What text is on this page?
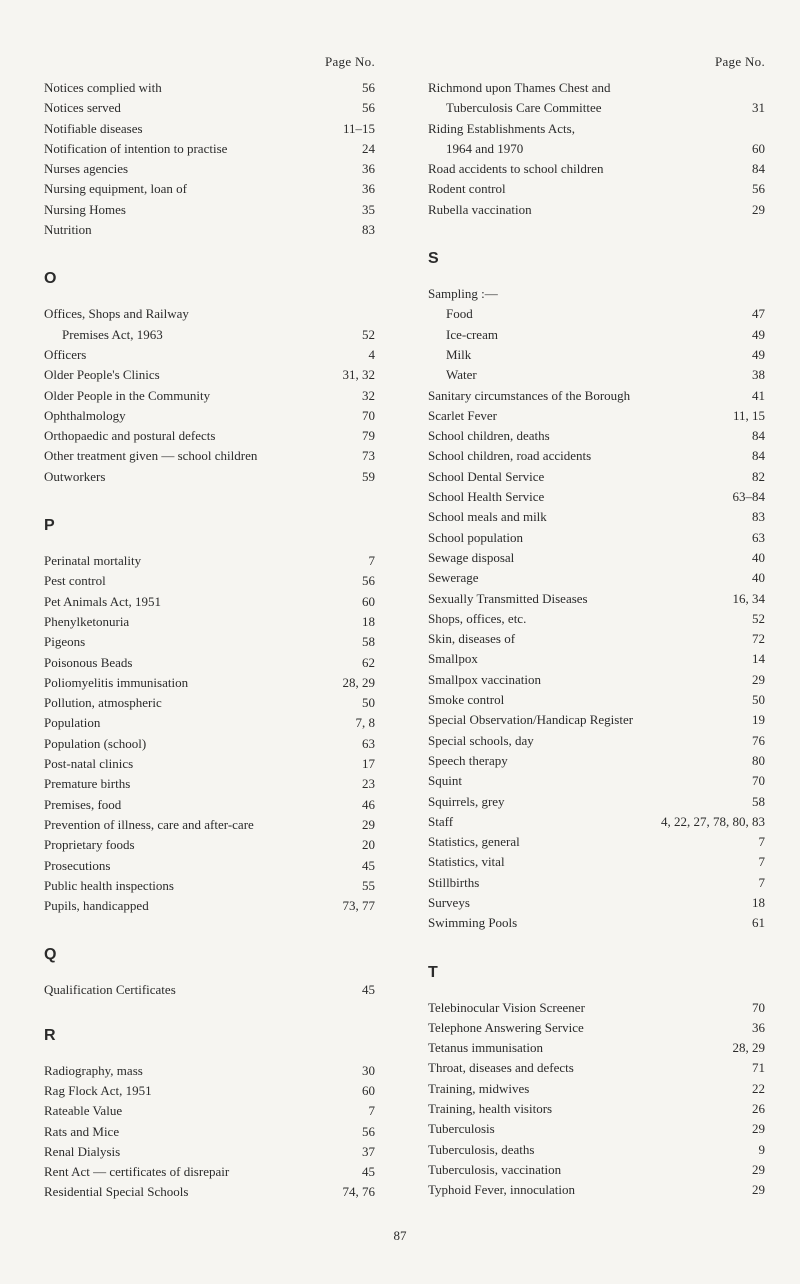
Page No.
Notices complied with	56
Notices served	56
Notifiable diseases	11–15
Notification of intention to practise	24
Nurses agencies	36
Nursing equipment, loan of	36
Nursing Homes	35
Nutrition	83
O
Offices, Shops and Railway
Premises Act, 1963	52
Officers	4
Older People's Clinics	31, 32
Older People in the Community	32
Ophthalmology	70
Orthopaedic and postural defects	79
Other treatment given — school children	73
Outworkers	59
P
Perinatal mortality	7
Pest control	56
Pet Animals Act, 1951	60
Phenylketonuria	18
Pigeons	58
Poisonous Beads	62
Poliomyelitis immunisation	28, 29
Pollution, atmospheric	50
Population	7, 8
Population (school)	63
Post-natal clinics	17
Premature births	23
Premises, food	46
Prevention of illness, care and after-care	29
Proprietary foods	20
Prosecutions	45
Public health inspections	55
Pupils, handicapped	73, 77
Q
Qualification Certificates	45
R
Radiography, mass	30
Rag Flock Act, 1951	60
Rateable Value	7
Rats and Mice	56
Renal Dialysis	37
Rent Act — certificates of disrepair	45
Residential Special Schools	74, 76
Page No.
Richmond upon Thames Chest and
Tuberculosis Care Committee	31
Riding Establishments Acts,
1964 and 1970	60
Road accidents to school children	84
Rodent control	56
Rubella vaccination	29
S
Sampling :—
Food	47
Ice-cream	49
Milk	49
Water	38
Sanitary circumstances of the Borough	41
Scarlet Fever	11, 15
School children, deaths	84
School children, road accidents	84
School Dental Service	82
School Health Service	63–84
School meals and milk	83
School population	63
Sewage disposal	40
Sewerage	40
Sexually Transmitted Diseases	16, 34
Shops, offices, etc.	52
Skin, diseases of	72
Smallpox	14
Smallpox vaccination	29
Smoke control	50
Special Observation/Handicap Register	19
Special schools, day	76
Speech therapy	80
Squint	70
Squirrels, grey	58
Staff	4, 22, 27, 78, 80, 83
Statistics, general	7
Statistics, vital	7
Stillbirths	7
Surveys	18
Swimming Pools	61
T
Telebinocular Vision Screener	70
Telephone Answering Service	36
Tetanus immunisation	28, 29
Throat, diseases and defects	71
Training, midwives	22
Training, health visitors	26
Tuberculosis	29
Tuberculosis, deaths	9
Tuberculosis, vaccination	29
Typhoid Fever, innoculation	29
87
